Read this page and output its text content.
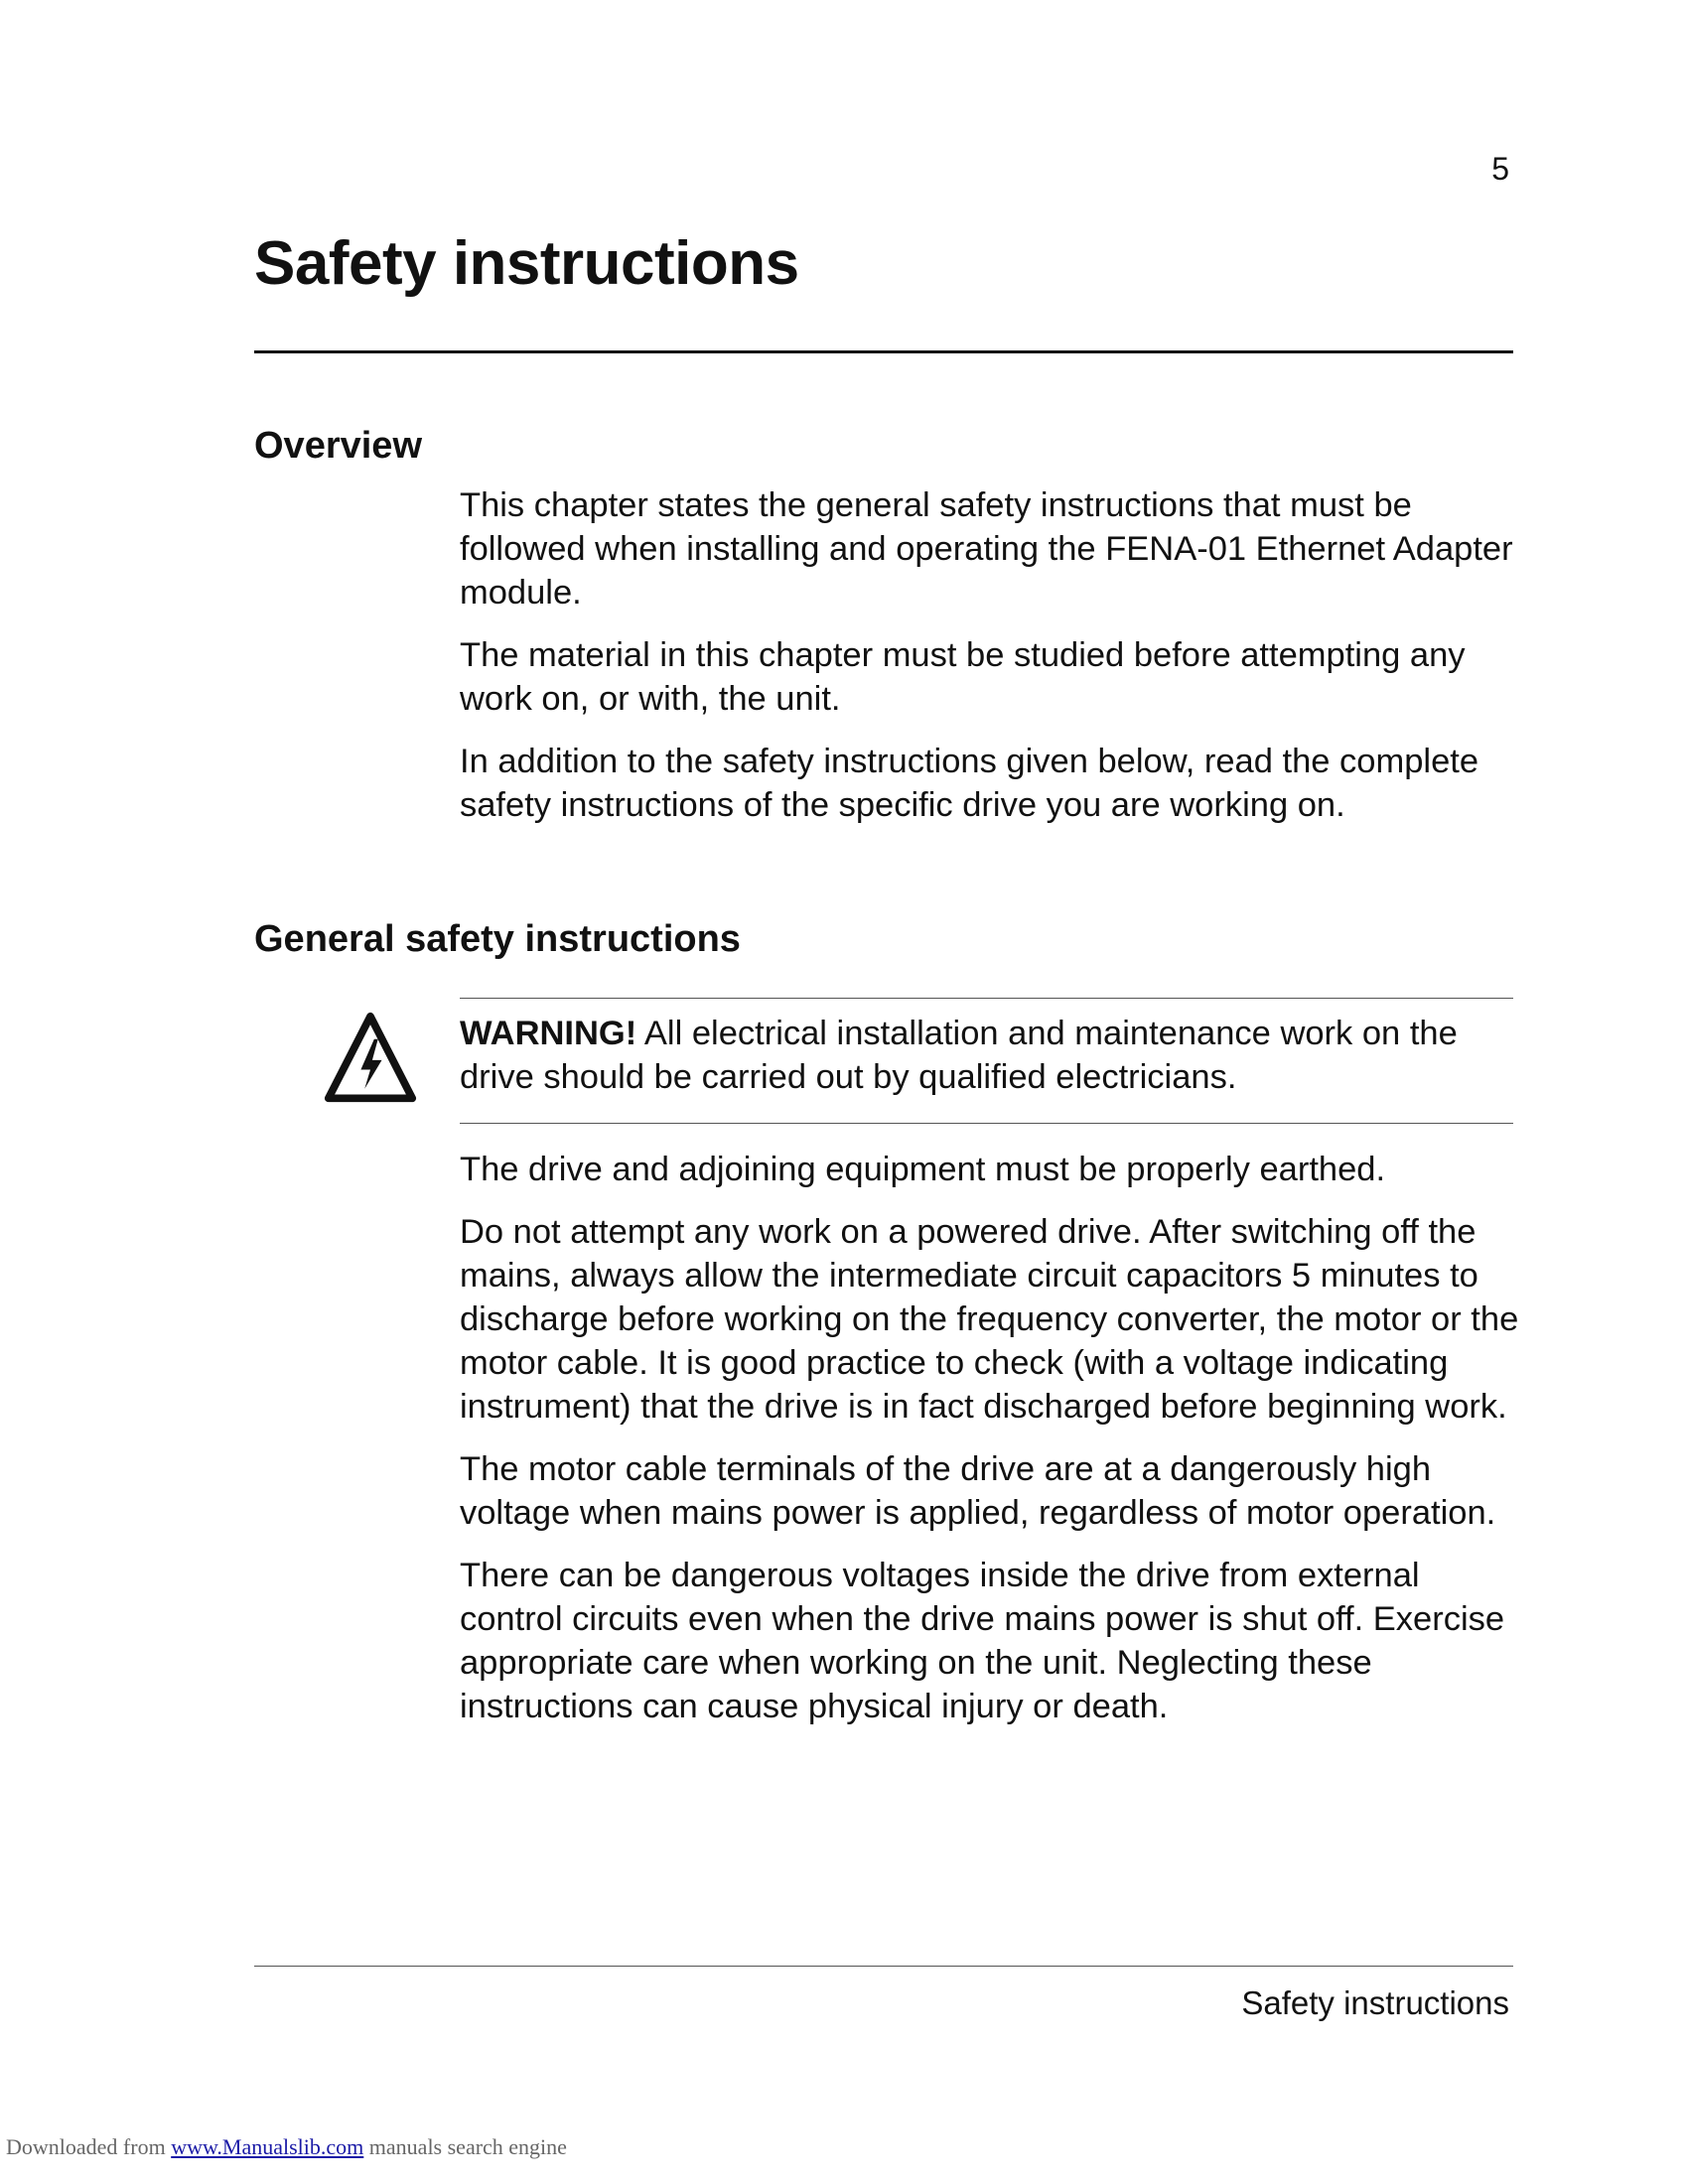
5
Safety instructions
Overview

This chapter states the general safety instructions that must be followed when installing and operating the FENA-01 Ethernet Adapter module.

The material in this chapter must be studied before attempting any work on, or with, the unit.

In addition to the safety instructions given below, read the complete safety instructions of the specific drive you are working on.

General safety instructions

WARNING! All electrical installation and maintenance work on the drive should be carried out by qualified electricians.

The drive and adjoining equipment must be properly earthed.

Do not attempt any work on a powered drive. After switching off the mains, always allow the intermediate circuit capacitors 5 minutes to discharge before working on the frequency converter, the motor or the motor cable. It is good practice to check (with a voltage indicating instrument) that the drive is in fact discharged before beginning work.

The motor cable terminals of the drive are at a dangerously high voltage when mains power is applied, regardless of motor operation.

There can be dangerous voltages inside the drive from external control circuits even when the drive mains power is shut off. Exercise appropriate care when working on the unit. Neglecting these instructions can cause physical injury or death.

Safety instructions
Downloaded from www.Manualslib.com manuals search engine
